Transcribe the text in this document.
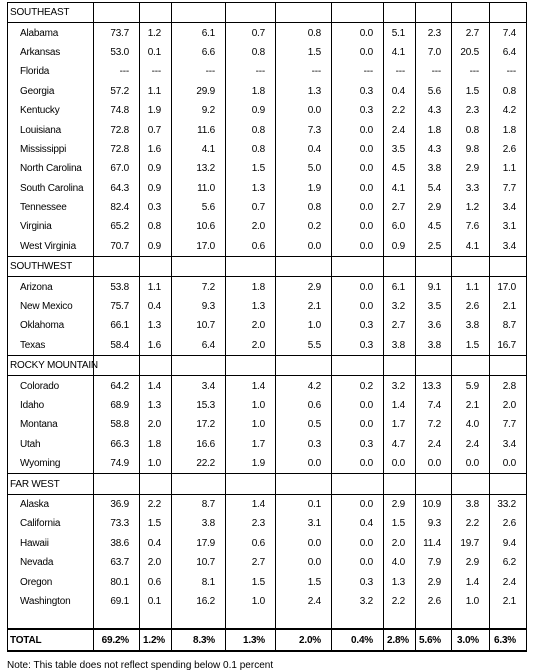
SOUTHEAST										
Alabama	73.7	1.2	6.1	0.7	0.8	0.0	5.1	2.3	2.7	7.4
Arkansas	53.0	0.1	6.6	0.8	1.5	0.0	4.1	7.0	20.5	6.4
Florida	---	---	---	---	---	---	---	---	---	---
Georgia	57.2	1.1	29.9	1.8	1.3	0.3	0.4	5.6	1.5	0.8
Kentucky	74.8	1.9	9.2	0.9	0.0	0.3	2.2	4.3	2.3	4.2
Louisiana	72.8	0.7	11.6	0.8	7.3	0.0	2.4	1.8	0.8	1.8
Mississippi	72.8	1.6	4.1	0.8	0.4	0.0	3.5	4.3	9.8	2.6
North Carolina	67.0	0.9	13.2	1.5	5.0	0.0	4.5	3.8	2.9	1.1
South Carolina	64.3	0.9	11.0	1.3	1.9	0.0	4.1	5.4	3.3	7.7
Tennessee	82.4	0.3	5.6	0.7	0.8	0.0	2.7	2.9	1.2	3.4
Virginia	65.2	0.8	10.6	2.0	0.2	0.0	6.0	4.5	7.6	3.1
West Virginia	70.7	0.9	17.0	0.6	0.0	0.0	0.9	2.5	4.1	3.4
SOUTHWEST										
Arizona	53.8	1.1	7.2	1.8	2.9	0.0	6.1	9.1	1.1	17.0
New Mexico	75.7	0.4	9.3	1.3	2.1	0.0	3.2	3.5	2.6	2.1
Oklahoma	66.1	1.3	10.7	2.0	1.0	0.3	2.7	3.6	3.8	8.7
Texas	58.4	1.6	6.4	2.0	5.5	0.3	3.8	3.8	1.5	16.7
ROCKY MOUNTAIN										
Colorado	64.2	1.4	3.4	1.4	4.2	0.2	3.2	13.3	5.9	2.8
Idaho	68.9	1.3	15.3	1.0	0.6	0.0	1.4	7.4	2.1	2.0
Montana	58.8	2.0	17.2	1.0	0.5	0.0	1.7	7.2	4.0	7.7
Utah	66.3	1.8	16.6	1.7	0.3	0.3	4.7	2.4	2.4	3.4
Wyoming	74.9	1.0	22.2	1.9	0.0	0.0	0.0	0.0	0.0	0.0
FAR WEST										
Alaska	36.9	2.2	8.7	1.4	0.1	0.0	2.9	10.9	3.8	33.2
California	73.3	1.5	3.8	2.3	3.1	0.4	1.5	9.3	2.2	2.6
Hawaii	38.6	0.4	17.9	0.6	0.0	0.0	2.0	11.4	19.7	9.4
Nevada	63.7	2.0	10.7	2.7	0.0	0.0	4.0	7.9	2.9	6.2
Oregon	80.1	0.6	8.1	1.5	1.5	0.3	1.3	2.9	1.4	2.4
Washington	69.1	0.1	16.2	1.0	2.4	3.2	2.2	2.6	1.0	2.1

TOTAL	69.2%	1.2%	8.3%	1.3%	2.0%	0.4%	2.8%	5.6%	3.0%	6.3%
Note: This table does not reflect spending below 0.1 percent
